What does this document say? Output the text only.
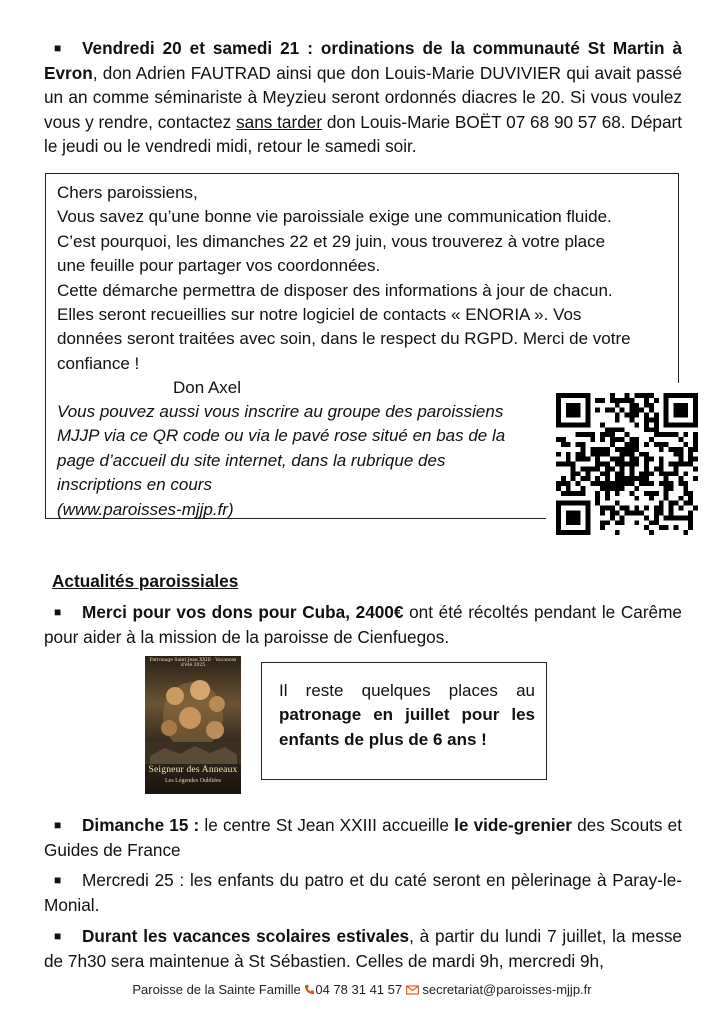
■ Vendredi 20 et samedi 21 : ordinations de la communauté St Martin à Evron, don Adrien FAUTRAD ainsi que don Louis-Marie DUVIVIER qui avait passé un an comme séminariste à Meyzieu seront ordonnés diacres le 20. Si vous voulez vous y rendre, contactez sans tarder don Louis-Marie BOËT 07 68 90 57 68. Départ le jeudi ou le vendredi midi, retour le samedi soir.
Chers paroissiens,
Vous savez qu’une bonne vie paroissiale exige une communication fluide.
C’est pourquoi, les dimanches 22 et 29 juin, vous trouverez à votre place
une feuille pour partager vos coordonnées.
Cette démarche permettra de disposer des informations à jour de chacun.
Elles seront recueillies sur notre logiciel de contacts « ENORIA ». Vos
données seront traitées avec soin, dans le respect du RGPD. Merci de votre
confiance !
Don Axel
Vous pouvez aussi vous inscrire au groupe des paroissiens
MJJP via ce QR code ou via le pavé rose situé en bas de la
page d’accueil du site internet, dans la rubrique des
inscriptions en cours
(www.paroisses-mjjp.fr)
Actualités paroissiales
■ Merci pour vos dons pour Cuba, 2400€ ont été récoltés pendant le Carême pour aider à la mission de la paroisse de Cienfuegos.
Patronage Saint Jean XXIII · Vacances d'été 2025
Seigneur des Anneaux
Les Légendes Oubliées
Il reste quelques places au patronage en juillet pour les enfants de plus de 6 ans !
■ Dimanche 15 : le centre St Jean XXIII accueille le vide-grenier des Scouts et Guides de France
■ Mercredi 25 : les enfants du patro et du caté seront en pèlerinage à Paray-le-Monial.
■ Durant les vacances scolaires estivales, à partir du lundi 7 juillet, la messe de 7h30 sera maintenue à St Sébastien. Celles de mardi 9h, mercredi 9h,
Paroisse de la Sainte Famille 04 78 31 41 57 secretariat@paroisses-mjjp.fr
